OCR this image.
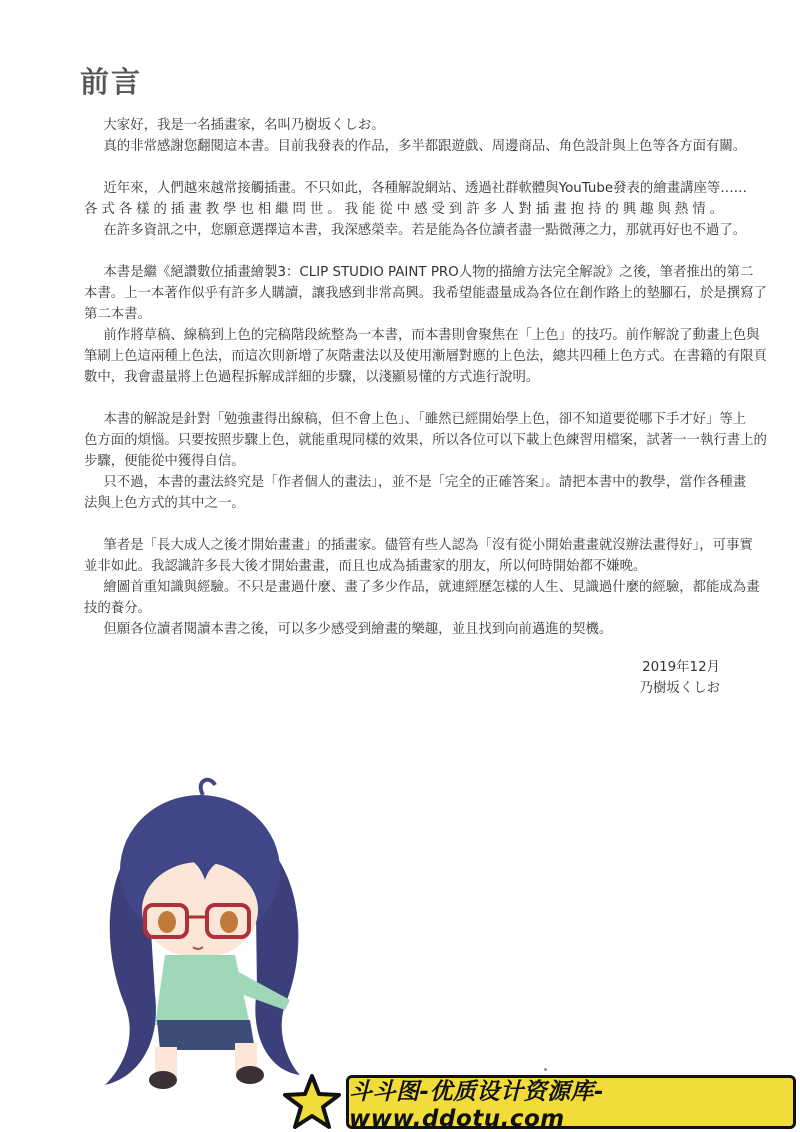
前言
大家好，我是一名插畫家，名叫乃樹坂くしお。
真的非常感謝您翻閱這本書。目前我發表的作品，多半都跟遊戲、周邊商品、角色設計與上色等各方面有關。
近年來，人們越來越常接觸插畫。不只如此，各種解說網站、透過社群軟體與YouTube發表的繪畫講座等……
各式各樣的插畫教學也相繼問世。我能從中感受到許多人對插畫抱持的興趣與熱情。
在許多資訊之中，您願意選擇這本書，我深感榮幸。若是能為各位讀者盡一點微薄之力，那就再好也不過了。
本書是繼《絕讚數位插畫繪製3：CLIP STUDIO PAINT PRO人物的描繪方法完全解說》之後，筆者推出的第二
本書。上一本著作似乎有許多人購讀，讓我感到非常高興。我希望能盡量成為各位在創作路上的墊腳石，於是撰寫了
第二本書。
前作將草稿、線稿到上色的完稿階段統整為一本書，而本書則會聚焦在「上色」的技巧。前作解說了動畫上色與
筆刷上色這兩種上色法，而這次則新增了灰階畫法以及使用漸層對應的上色法，總共四種上色方式。在書籍的有限頁
數中，我會盡量將上色過程拆解成詳細的步驟，以淺顯易懂的方式進行說明。
本書的解說是針對「勉強畫得出線稿，但不會上色」、「雖然已經開始學上色，卻不知道要從哪下手才好」等上
色方面的煩惱。只要按照步驟上色，就能重現同樣的效果，所以各位可以下載上色練習用檔案，試著一一執行書上的
步驟，便能從中獲得自信。
只不過，本書的畫法終究是「作者個人的畫法」，並不是「完全的正確答案」。請把本書中的教學，當作各種畫
法與上色方式的其中之一。
筆者是「長大成人之後才開始畫畫」的插畫家。儘管有些人認為「沒有從小開始畫畫就沒辦法畫得好」，可事實
並非如此。我認識許多長大後才開始畫畫，而且也成為插畫家的朋友，所以何時開始都不嫌晚。
繪圖首重知識與經驗。不只是畫過什麼、畫了多少作品，就連經歷怎樣的人生、見識過什麼的經驗，都能成為畫
技的養分。
但願各位讀者閱讀本書之後，可以多少感受到繪畫的樂趣，並且找到向前邁進的契機。
2019年12月
乃樹坂くしお
斗斗图-优质设计资源库-www.ddotu.com
